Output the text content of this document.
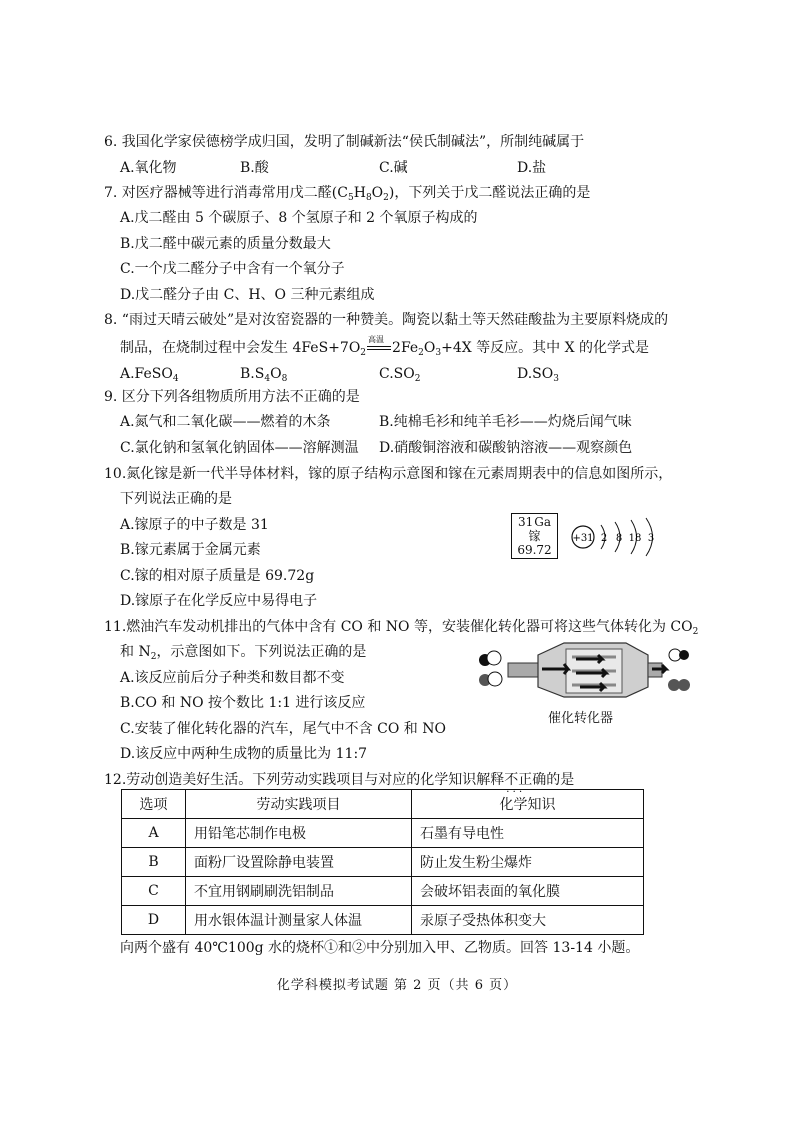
6. 我国化学家侯德榜学成归国，发明了制碱新法“侯氏制碱法”，所制纯碱属于
A.氧化物	B.酸	C.碱	D.盐
7. 对医疗器械等进行消毒常用戊二醛$(C_5H_8O_2)$，下列关于戊二醛说法正确的是
A.戊二醛由 5 个碳原子、8 个氢原子和 2 个氧原子构成的
B.戊二醛中碳元素的质量分数最大
C.一个戊二醛分子中含有一个氧分子
D.戊二醛分子由 C、H、O 三种元素组成
8. “雨过天晴云破处”是对汝窑瓷器的一种赞美。陶瓷以黏土等天然硅酸盐为主要原料烧成的
制品，在烧制过程中会发生 $4FeS+7O_2$
高温
$2Fe_2O_3+4X$ 等反应。其中 X 的化学式是
A.FeSO$_4$	$B.S_4O_8$	$C.SO_2$	$D.SO_3$
9. 区分下列各组物质所用方法不正确的是
A.氮气和二氧化碳——燃着的木条	B.纯棉毛衫和纯羊毛衫——灼烧后闻气味
C.氯化钠和氢氧化钠固体——溶解测温 D.硝酸铜溶液和碳酸钠溶液——观察颜色
10.氮化镓是新一代半导体材料，镓的原子结构示意图和镓在元素周期表中的信息如图所示，
下列说法正确的是
A.镓原子的中子数是 31
B.镓元素属于金属元素
C.镓的相对原子质量是 69.72g
D.镓原子在化学反应中易得电子
31 Ga
镓
69.72
+31 2 8 18 3
11.燃油汽车发动机排出的气体中含有 CO 和 NO 等，安装催化转化器可将这些气体转化为 $CO_2$
和 $N_2$，示意图如下。下列说法正确的是
A.该反应前后分子种类和数目都不变
B.CO 和 NO 按个数比 1:1 进行该反应
C.安装了催化转化器的汽车，尾气中不含 CO 和 NO
D.该反应中两种生成物的质量比为 11:7
催化转化器
12.劳动创造美好生活。下列劳动实践项目与对应的化学知识解释不正确 · · ·的是
选项	劳动实践项目	化学知识
A	用铅笔芯制作电极	石墨有导电性
B	面粉厂设置除静电装置	防止发生粉尘爆炸
C	不宜用钢刷刷洗铝制品	会破坏铝表面的氧化膜
D	用水银体温计测量家人体温	汞原子受热体积变大
向两个盛有 40℃100g 水的烧杯①和②中分别加入甲、乙物质。回答 13-14 小题。
化学科模拟考试题 第 2 页（共 6 页）
